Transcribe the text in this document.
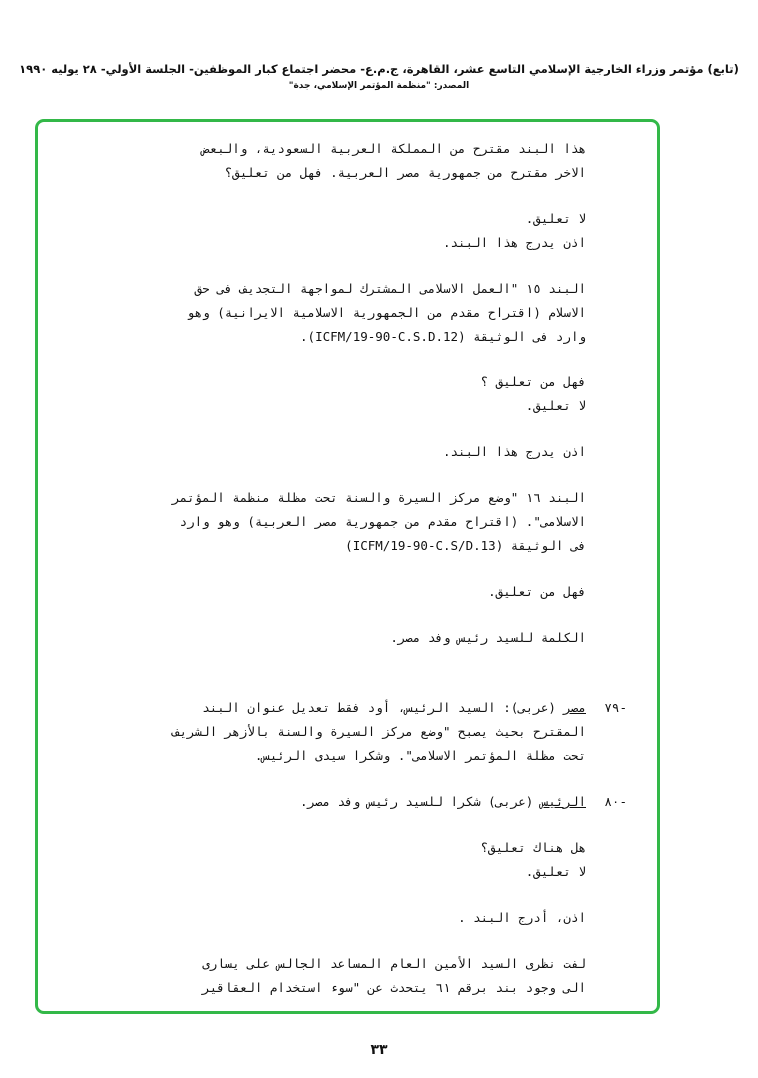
(تابع) مؤتمر وزراء الخارجية الإسلامي التاسع عشر، القاهرة، ج.م.ع- محضر اجتماع كبار الموظفين- الجلسة الأولي- ٢٨ يوليه ١٩٩٠
المصدر: "منظمة المؤتمر الإسلامي، جدة"
هذا البند مقترح من المملكة العربية السعودية، والبعض
الاخر مقترح من جمهورية مصر العربية. فهل من تعليق؟
لا تعليق.
اذن يدرج هذا البند.
البند ١٥ "العمل الاسلامى المشترك لمواجهة التجديف فى حق
الاسلام (اقتراح مقدم من الجمهورية الاسلامية الايرانية) وهو
وارد فى الوثيقة (ICFM/19-90-C.S.D.12).
فهل من تعليق ؟
لا تعليق.
اذن يدرج هذا البند.
البند ١٦ "وضع مركز السيرة والسنة تحت مظلة منظمة المؤتمر
الاسلامى". (اقتراح مقدم من جمهورية مصر العربية) وهو وارد
فى الوثيقة (ICFM/19-90-C.S/D.13)
فهل من تعليق.
الكلمة للسيد رئيس وفد مصر.
-٧٩
مصر (عربى): السيد الرئيس، أود فقط تعديل عنوان البند
المقترح بحيث يصبح "وضع مركز السيرة والسنة بالأزهر الشريف
تحت مظلة المؤتمر الاسلامى". وشكرا سيدى الرئيس.
-٨٠
الرئيس (عربى) شكرا للسيد رئيس وفد مصر.
هل هناك تعليق؟
لا تعليق.
اذن، أدرج البند .
لفت نظرى السيد الأمين العام المساعد الجالس على يسارى
الى وجود بند برقم ٦١ يتحدث عن "سوء استخدام العقاقير
٣٣
